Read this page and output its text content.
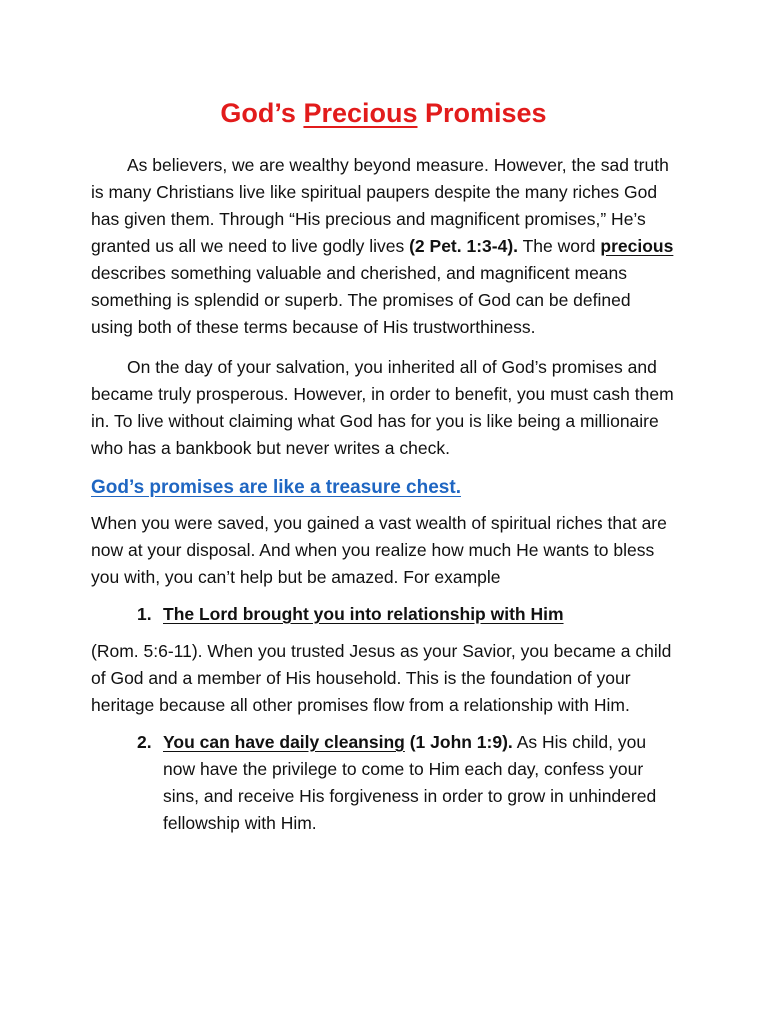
God’s Precious Promises

As believers, we are wealthy beyond measure. However, the sad truth is many Christians live like spiritual paupers despite the many riches God has given them. Through “His precious and magnificent promises,” He’s granted us all we need to live godly lives (2 Pet. 1:3-4). The word precious describes something valuable and cherished, and magnificent means something is splendid or superb. The promises of God can be defined using both of these terms because of His trustworthiness.

On the day of your salvation, you inherited all of God’s promises and became truly prosperous. However, in order to benefit, you must cash them in. To live without claiming what God has for you is like being a millionaire who has a bankbook but never writes a check.

God’s promises are like a treasure chest.

When you were saved, you gained a vast wealth of spiritual riches that are now at your disposal. And when you realize how much He wants to bless you with, you can’t help but be amazed. For example

1. The Lord brought you into relationship with Him

(Rom. 5:6-11). When you trusted Jesus as your Savior, you became a child of God and a member of His household. This is the foundation of your heritage because all other promises flow from a relationship with Him.

2. You can have daily cleansing (1 John 1:9). As His child, you now have the privilege to come to Him each day, confess your sins, and receive His forgiveness in order to grow in unhindered fellowship with Him.
